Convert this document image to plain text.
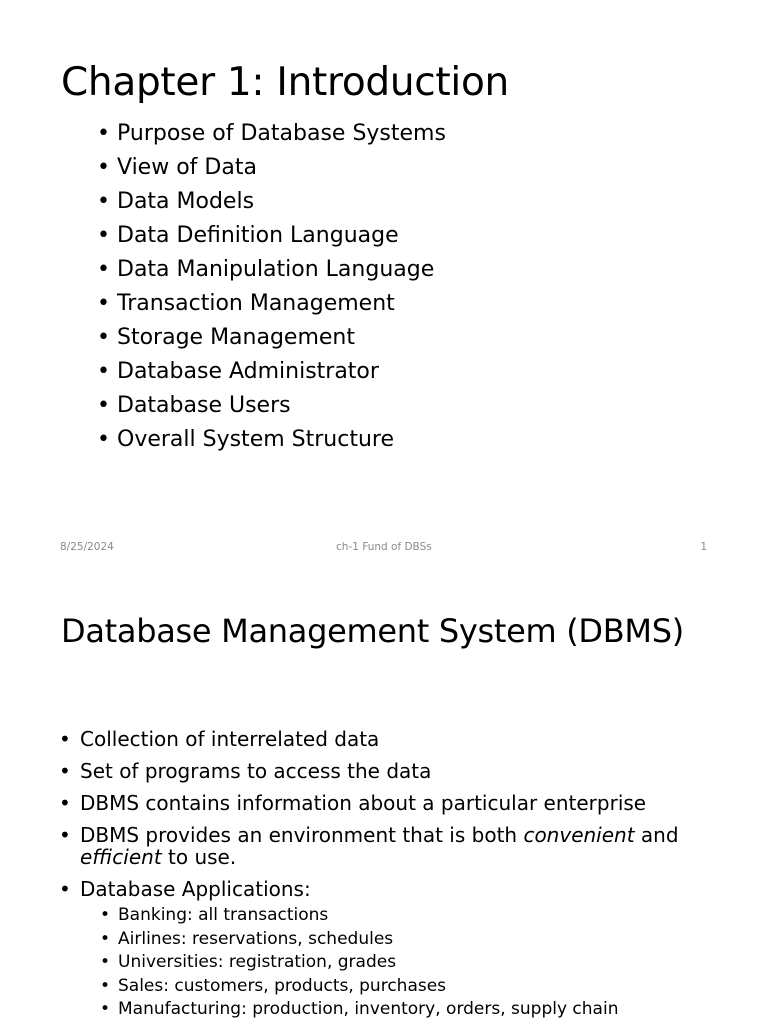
Chapter 1: Introduction
• Purpose of Database Systems
• View of Data
• Data Models
• Data Definition Language
• Data Manipulation Language
• Transaction Management
• Storage Management
• Database Administrator
• Database Users
• Overall System Structure
8/25/2024	ch-1 Fund of DBSs	1
Database Management System (DBMS)
• Collection of interrelated data
• Set of programs to access the data
• DBMS contains information about a particular enterprise
• DBMS provides an environment that is both convenient and
efficient to use.
• Database Applications:
• Banking: all transactions
• Airlines: reservations, schedules
• Universities: registration, grades
• Sales: customers, products, purchases
• Manufacturing: production, inventory, orders, supply chain
